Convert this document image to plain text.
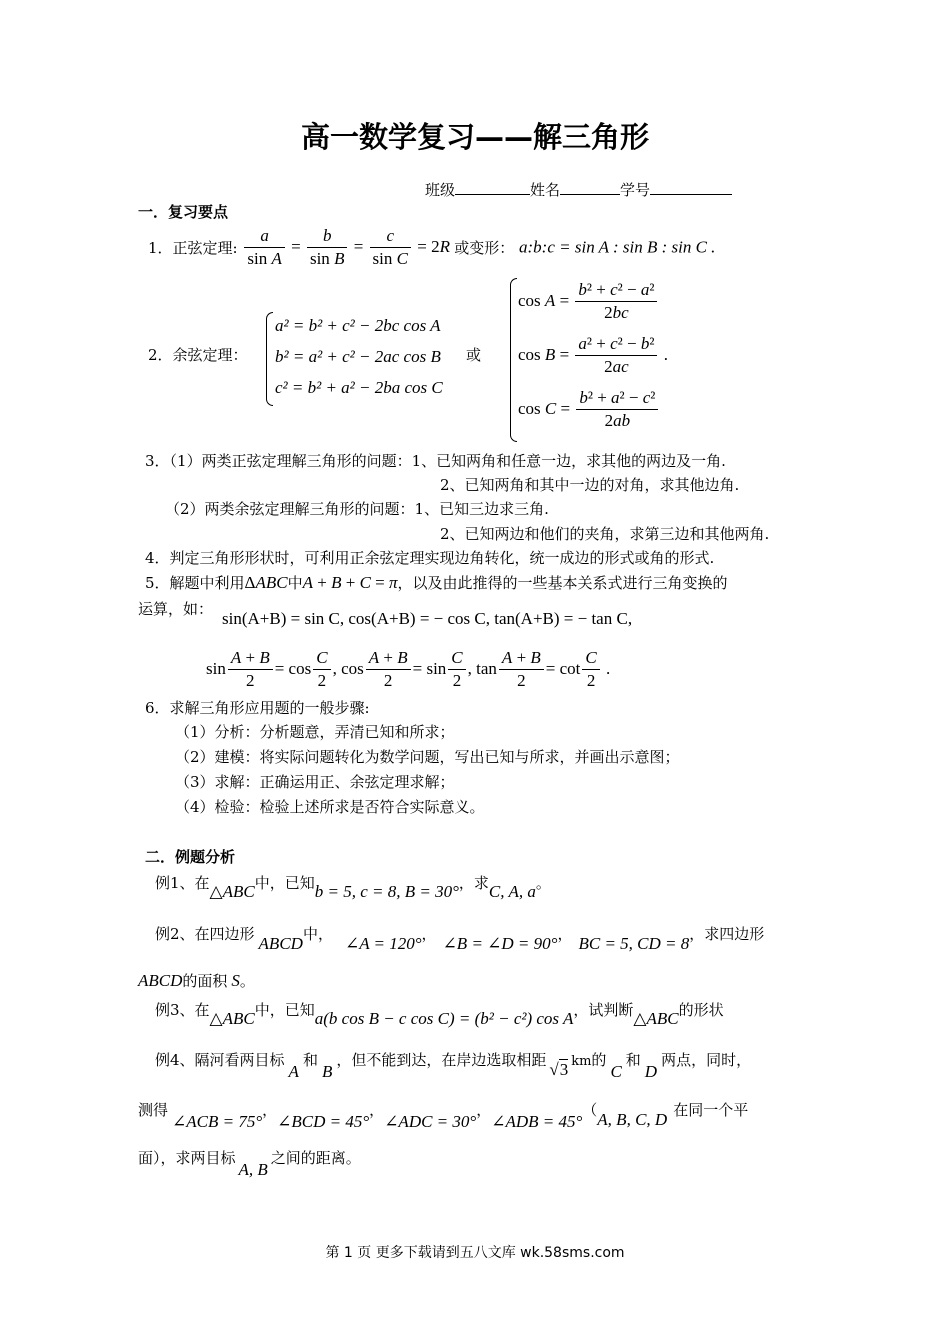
高一数学复习——解三角形
班级	姓名	学号
一．复习要点
1．正弦定理: $\frac{a}{\text{sin A}} = \frac{b}{\text{sin B}} = \frac{c}{\text{sin C}} = 2R$ 或变形： a:b:c = sin A : sin B : sin C .
2．余弦定理：
a² = b² + c² − 2bc cos A
b² = a² + c² − 2ac cos B
c² = b² + a² − 2ba cos C
或
$\cos A = \frac{\text{b² + c² − a²}}{2bc}$
$\cos B = \frac{\text{a² + c² − b²}}{2ac}$ .
$\cos C = \frac{\text{b² + a² − c²}}{2ab}$
3．（1）两类正弦定理解三角形的问题：1、已知两角和任意一边，求其他的两边及一角.
2、已知两角和其中一边的对角，求其他边角.
（2）两类余弦定理解三角形的问题：1、已知三边求三角.
2、已知两边和他们的夹角，求第三边和其他两角.
4．判定三角形形状时，可利用正余弦定理实现边角转化，统一成边的形式或角的形式.
5．解题中利用ΔABC中A + B + C = π，以及由此推得的一些基本关系式进行三角变换的
运算，如： sin(A+B) = sin C, cos(A+B) = − cos C, tan(A+B) = − tan C,
$\sin \frac{A + B}{2} = \cos \frac{C}{2}$ , $\cos \frac{A + B}{2} = \sin \frac{C}{2}$ , $\tan \frac{A + B}{2} = \cot \frac{C}{2}$ .
6．求解三角形应用题的一般步骤:
（1）分析：分析题意，弄清已知和所求；
（2）建模：将实际问题转化为数学问题，写出已知与所求，并画出示意图；
（3）求解：正确运用正、余弦定理求解；
（4）检验：检验上述所求是否符合实际意义。
二．例题分析
例1、在△ABC中，已知b = 5, c = 8, B = 30°，求C, A, a。
例2、在四边形 ABCD中， ∠A = 120°， ∠B = ∠D = 90°， BC = 5, CD = 8，求四边形
ABCD的面积 S。
例3、在△ABC中，已知a(b cos B − c cos C) = (b² − c²) cos A，试判断△ABC的形状
例4、隔河看两目标A和B，但不能到达，在岸边选取相距 √3 km的C和D两点，同时，
测得∠ACB = 75°，∠BCD = 45°，∠ADC = 30°，∠ADB = 45°（A, B, C, D 在同一个平
面），求两目标A, B之间的距离。
第 1 页 更多下载请到五八文库 wk.58sms.com
